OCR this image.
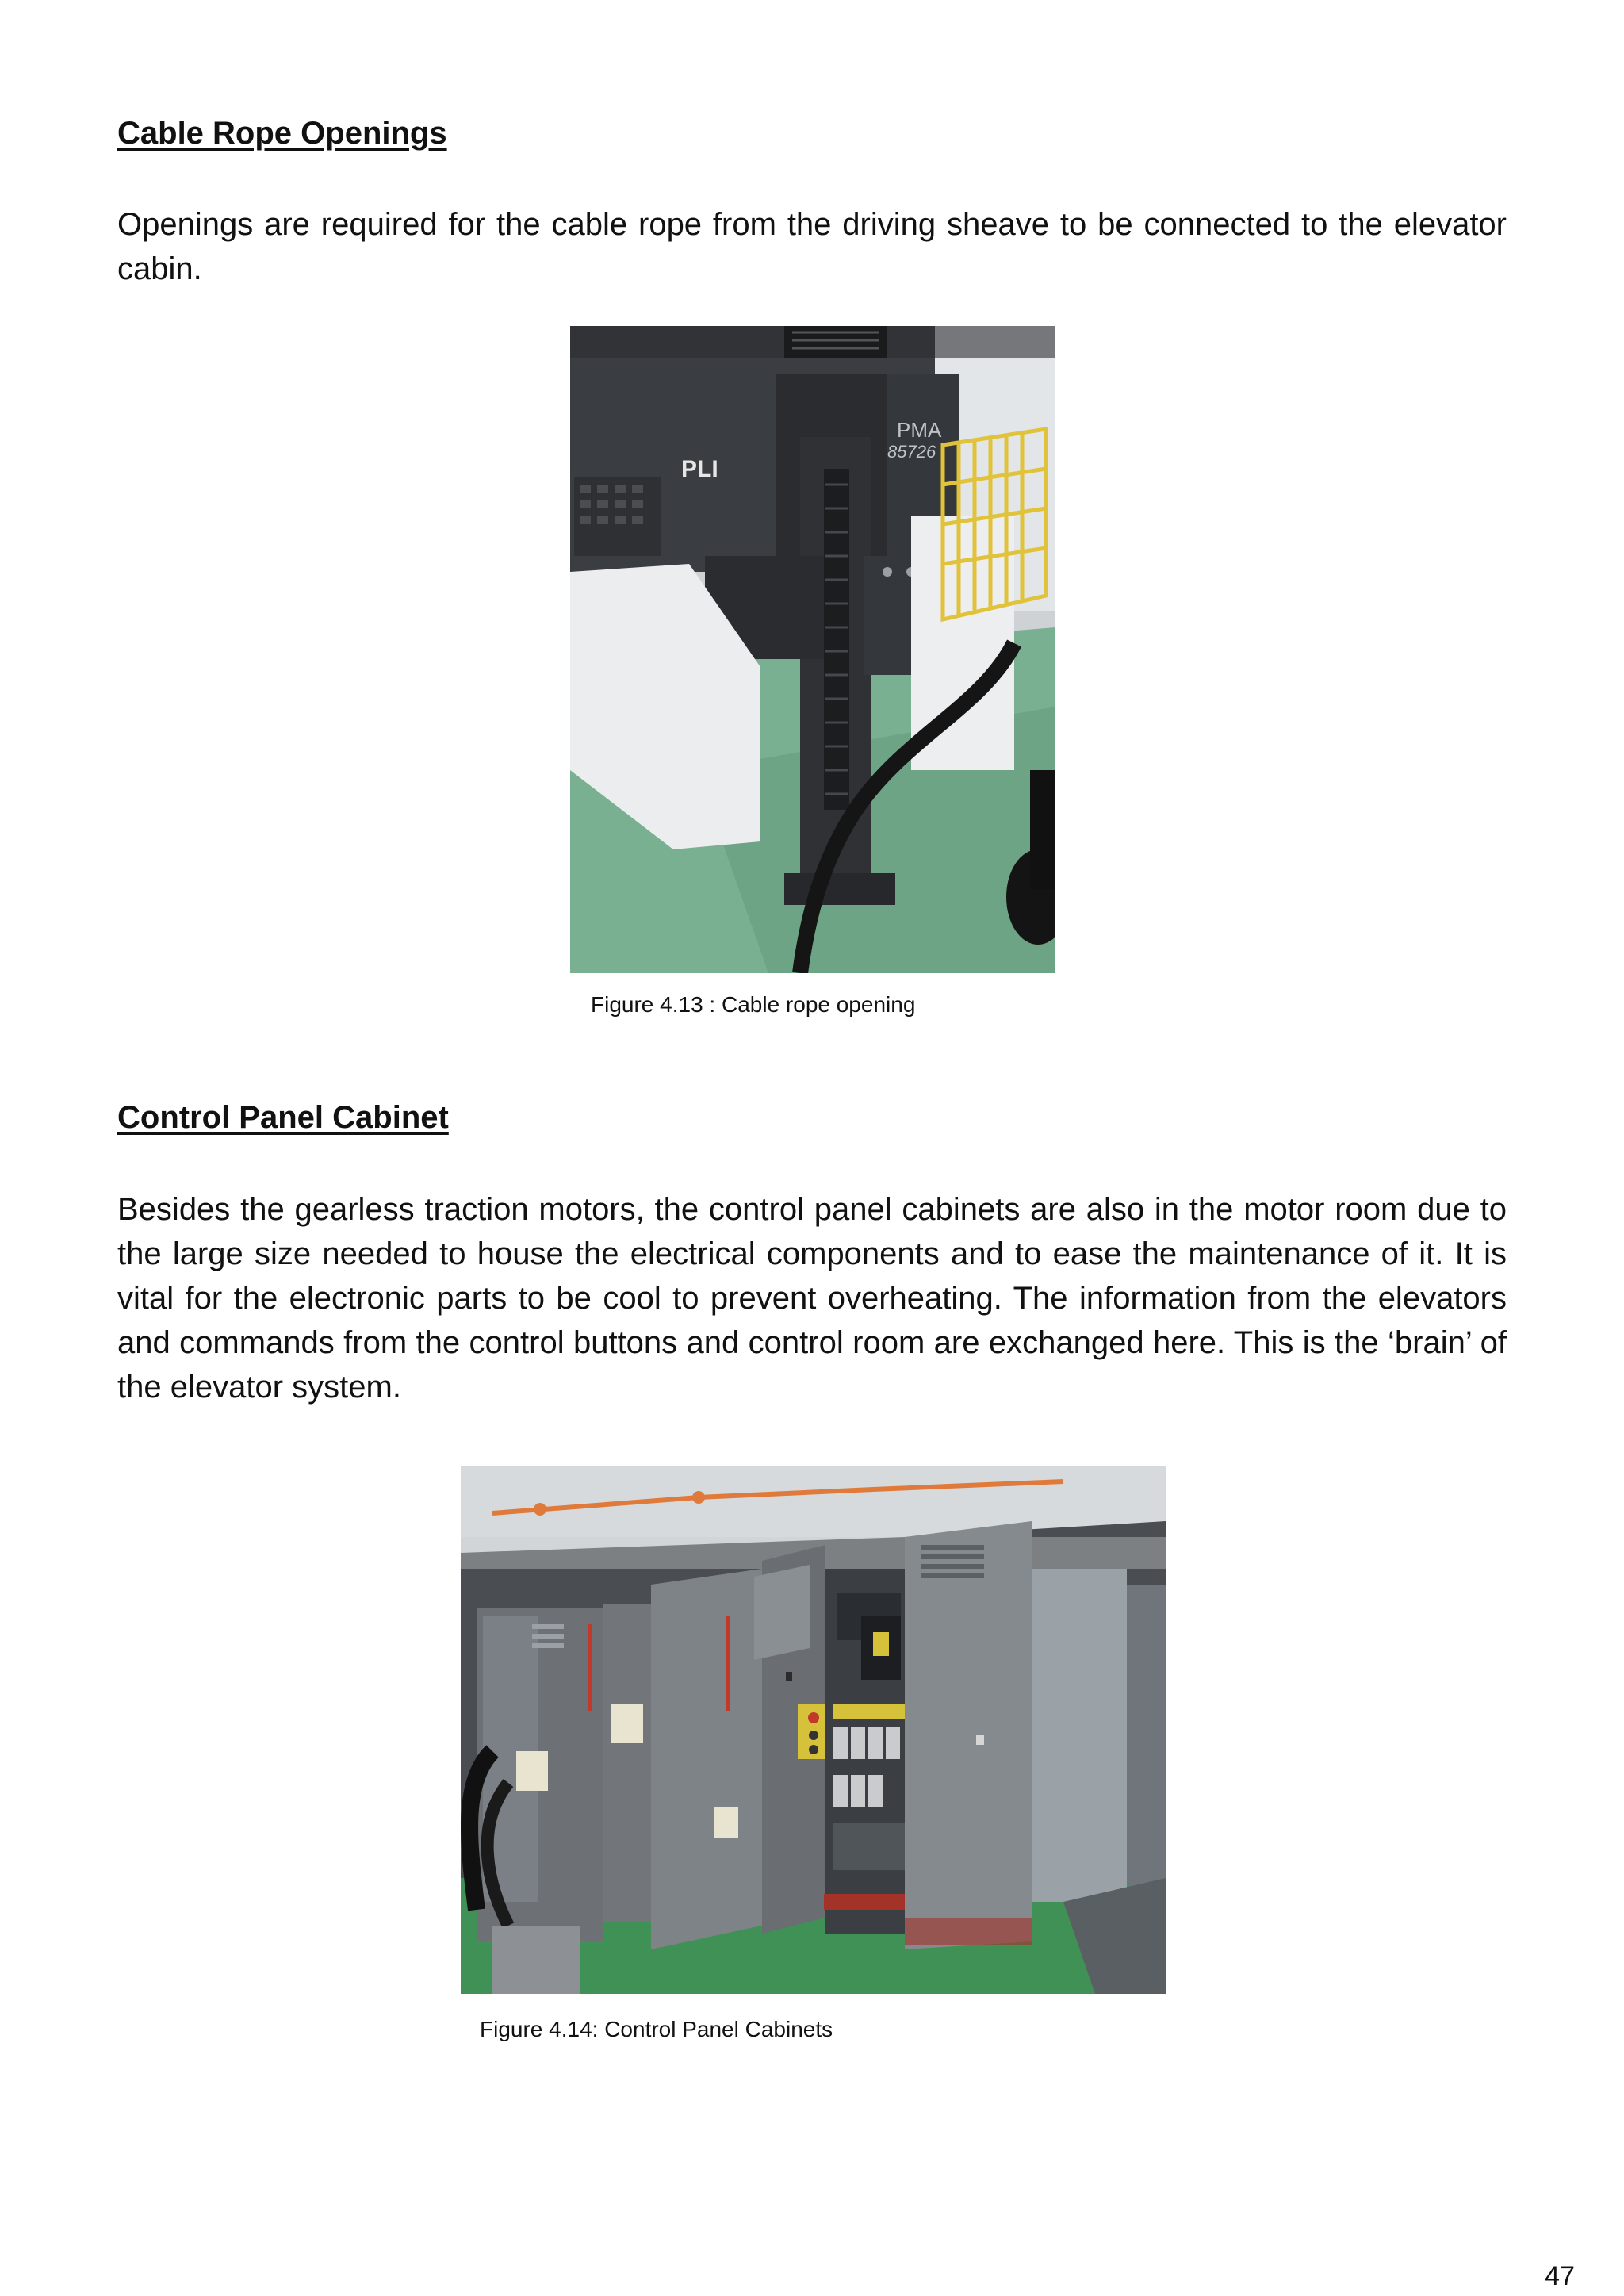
Cable Rope Openings

Openings are required for the cable rope from the driving sheave to be connected to the elevator cabin.

PLI
PMA
85726

Figure 4.13 : Cable rope opening

Control Panel Cabinet

Besides the gearless traction motors, the control panel cabinets are also in the motor room due to the large size needed to house the electrical components and to ease the maintenance of it. It is vital for the electronic parts to be cool to prevent overheating. The information from the elevators and commands from the control buttons and control room are exchanged here. This is the ‘brain’ of the elevator system.

Figure 4.14: Control Panel Cabinets

47
